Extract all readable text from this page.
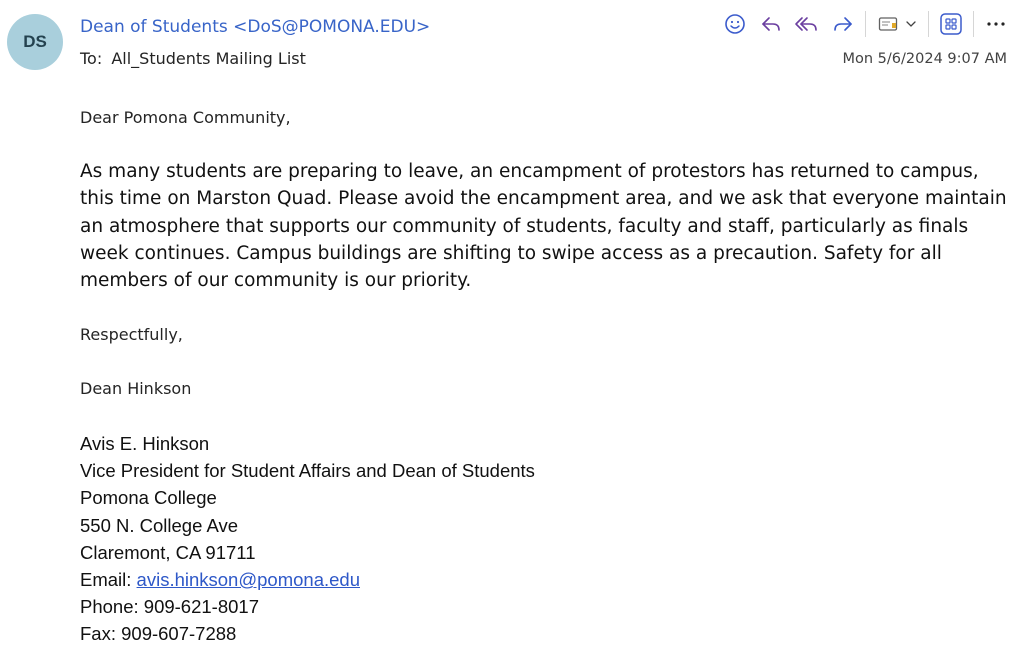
DS
Dean of Students <DoS@POMONA.EDU>
To: All_Students Mailing List	Mon 5/6/2024 9:07 AM
Dear Pomona Community,
As many students are preparing to leave, an encampment of protestors has returned to campus, this time on Marston Quad. Please avoid the encampment area, and we ask that everyone maintain an atmosphere that supports our community of students, faculty and staff, particularly as finals week continues. Campus buildings are shifting to swipe access as a precaution. Safety for all members of our community is our priority.
Respectfully,
Dean Hinkson
Avis E. Hinkson
Vice President for Student Affairs and Dean of Students
Pomona College
550 N. College Ave
Claremont, CA 91711
Email: avis.hinkson@pomona.edu
Phone: 909-621-8017
Fax: 909-607-7288
